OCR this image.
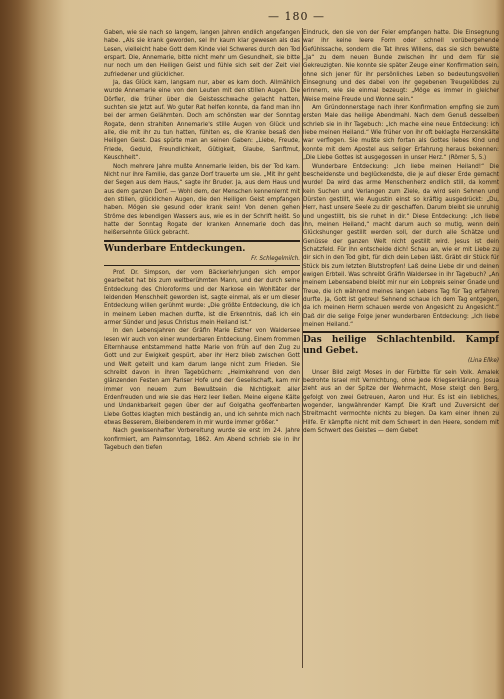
— 180 —

Gaben, wie sie nach so langem, langen Jahren endlich angefangen habe. „Als sie krank geworden, sei ihr kaum klar gewesen als das Lesen, vielleicht habe Gott dem Kinde viel Schweres durch den Tod erspart. Die, Annemarie, bitte nicht mehr um Gesundheit, sie bitte nur noch um den Heiligen Geist und fühle sich seit der Zeit viel zufriedener und glücklicher.

Ja, das Glück kam, langsam nur, aber es kam doch. Allmählich wurde Annemarie eine von den Leuten mit den stillen Augen. Die Dörfler, die früher über die Geistesschwache gelacht hatten, suchten sie jetzt auf. Wo guter Rat helfen konnte, da fand man ihn bei der armen Gelähmten. Doch am schönsten war der Sonntag Rogate, denn strahlten Annemarie's stille Augen von Glück und alle, die mit ihr zu tun hatten, fühlten es, die Kranke besaß den Heiligen Geist. Das spürte man an seinen Gaben: „Liebe, Freude, Friede, Geduld, Freundlichkeit, Gütigkeit, Glaube, Sanftmut, Keuschheit“.

Noch mehrere Jahre mußte Annemarie leiden, bis der Tod kam. Nicht nur ihre Familie, das ganze Dorf trauerte um sie. „Mit ihr geht der Segen aus dem Haus,“ sagte ihr Bruder. Ja, aus dem Haus und aus dem ganzen Dorf. — Wohl dem, der Menschen kennenlernt mit den stillen, glücklichen Augen, die den Heiligen Geist empfangen haben. Mögen sie gesund oder krank sein! Von denen gehen Ströme des lebendigen Wassers aus, wie es in der Schrift heißt. So hatte der Sonntag Rogate der kranken Annemarie doch das heißersehnte Glück gebracht.

Wunderbare Entdeckungen.
Fr. Schlegelmilch.

Prof. Dr. Simpson, der vom Bäckerlehrjungen sich empor gearbeitet hat bis zum weltberühmten Mann, und der durch seine Entdeckung des Chloroforms und der Narkose ein Wohltäter der leidenden Menschheit geworden ist, sagte einmal, als er um dieser Entdeckung willen gerühmt wurde: „Die größte Entdeckung, die ich in meinem Leben machen durfte, ist die Erkenntnis, daß ich ein armer Sünder und Jesus Christus mein Heiland ist.“

In den Lebensjahren der Gräfin Marie Esther von Waldersee lesen wir auch von einer wunderbaren Entdeckung. Einem frommen Elternhause entstammend hatte Marie von früh auf den Zug zu Gott und zur Ewigkeit gespürt, aber ihr Herz blieb zwischen Gott und Welt geteilt und kam darum lange nicht zum Frieden. Sie schreibt davon in ihren Tagebüchern: „Heimkehrend von den glänzenden Festen am Pariser Hofe und der Gesellschaft, kam mir immer von neuem zum Bewußtsein die Nichtigkeit aller Erdenfreuden und wie sie das Herz leer ließen. Meine eigene Kälte und Undankbarkeit gegen über der auf Golgatha geoffenbarten Liebe Gottes klagten mich beständig an, und ich sehnte mich nach etwas Besserem, Bleibenderem in mir wurde immer größer.“

Nach gewissenhafter Vorbereitung wurde sie erst im 24. Jahre konfirmiert, am Palmsonntag, 1862. Am Abend schrieb sie in ihr Tagebuch den tiefen

Eindruck, den sie von der Feier empfangen hatte. Die Einsegnung war ihr keine leere Form oder schnell vorübergehende Gefühlssache, sondern die Tat ihres Willens, das sie sich bewußte „Ja“ zu dem neuen Bunde zwischen ihr und dem für sie Gekreuzigten. Nie konnte sie später Zeuge einer Konfirmation sein, ohne sich jener für ihr persönliches Leben so bedeutungsvollen Einsegnung und des dabei von ihr gegebenen Treugelübdes zu erinnern, wie sie einmal bezeugt: „Möge es immer in gleicher Weise meine Freude und Wonne sein.“

Am Gründonnerstage nach ihrer Konfirmation empfing sie zum ersten Male das heilige Abendmahl. Nach dem Genuß desselben schrieb sie in ihr Tagebuch: „Ich mache eine neue Entdeckung: ich liebe meinen Heiland.“ Wie früher von ihr oft beklagte Herzenskälte war verflogen. Sie mußte sich fortan als Gottes liebes Kind und konnte mit dem Apostel aus seliger Erfahrung heraus bekennen: „Die Liebe Gottes ist ausgegossen in unser Herz.“ (Römer 5, 5.)

Wunderbare Entdeckung: „Ich liebe meinen Heiland!“ Die bescheidenste und beglückendste, die je auf dieser Erde gemacht wurde! Da wird das arme Menschenherz endlich still, da kommt kein Suchen und Verlangen zum Ziele, da wird sein Sehnen und Dürsten gestillt, wie Augustin einst so kräftig ausgedrückt: „Du, Herr, hast unsere Seele zu dir geschaffen. Darum bleibt sie unruhig und ungestillt, bis sie ruhet in dir.“ Diese Entdeckung: „Ich liebe ihn, meinen Heiland,“ macht darum auch so mutig, wenn dein Glückshunger gestillt werden soll, der durch alle Schätze und Genüsse der ganzen Welt nicht gestillt wird. Jesus ist dein Schatzfeld. Für ihn entscheide dich! Schau an, wie er mit Liebe zu dir sich in den Tod gibt, für dich dein Leben läßt. Gräbt dir Stück für Stück bis zum letzten Blutstropfen! Laß deine Liebe dir und deinen ewigen Erbteil. Was schreibt Gräfin Waldersee in ihr Tagebuch? „An meinem Lebensabend bleibt mir nur ein Lobpreis seiner Gnade und Treue, die ich während meines langen Lebens Tag für Tag erfahren durfte. Ja, Gott ist getreu! Sehnend schaue ich dem Tag entgegen, da ich meinen Herrn schauen werde von Angesicht zu Angesicht.“ Daß dir die selige Folge jener wunderbaren Entdeckung: „Ich liebe meinen Heiland.“

Das heilige Schlachtenbild. Kampf und Gebet.
(Lina Ellke)

Unser Bild zeigt Moses in der Fürbitte für sein Volk. Amalek bedrohte Israel mit Vernichtung, ohne jede Kriegserklärung. Josua zieht aus an der Spitze der Wehrmacht, Mose steigt den Berg, gefolgt von zwei Getreuen, Aaron und Hur. Es ist ein liebliches, wogender, langwährender Kampf. Die Kraft und Zuversicht der Streitmacht vermochte nichts zu biegen. Da kam einer ihnen zu Hilfe. Er kämpfte nicht mit dem Schwert in den Heere, sondern mit dem Schwert des Geistes — dem Gebet
